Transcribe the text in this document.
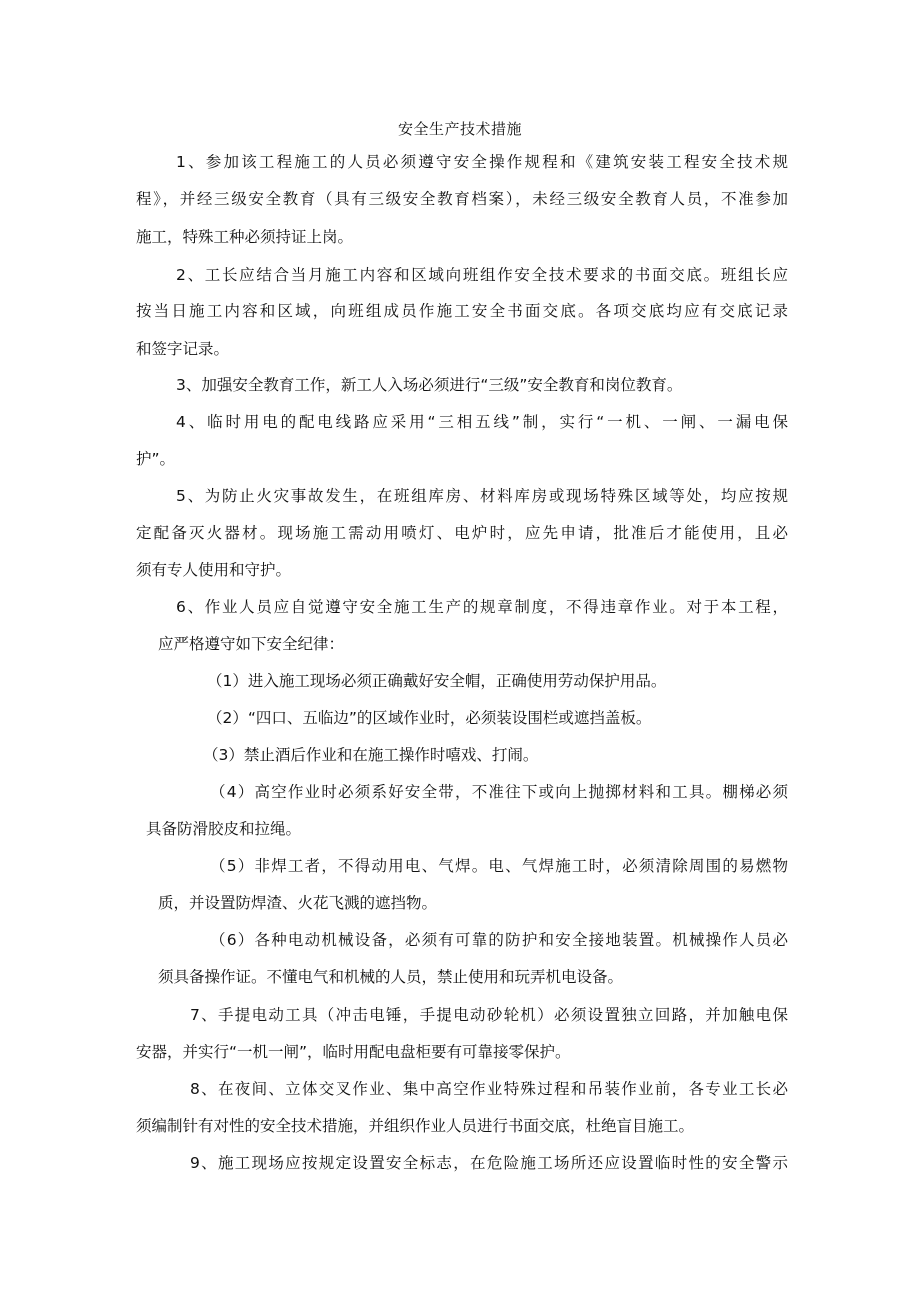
安全生产技术措施

1、参加该工程施工的人员必须遵守安全操作规程和《建筑安装工程安全技术规

程》，并经三级安全教育（具有三级安全教育档案），未经三级安全教育人员，不准参加

施工，特殊工种必须持证上岗。

2、工长应结合当月施工内容和区域向班组作安全技术要求的书面交底。班组长应

按当日施工内容和区域，向班组成员作施工安全书面交底。各项交底均应有交底记录

和签字记录。

3、加强安全教育工作，新工人入场必须进行“三级”安全教育和岗位教育。

4、临时用电的配电线路应采用“三相五线”制，实行“一机、一闸、一漏电保

护”。

5、为防止火灾事故发生，在班组库房、材料库房或现场特殊区域等处，均应按规

定配备灭火器材。现场施工需动用喷灯、电炉时，应先申请，批准后才能使用，且必

须有专人使用和守护。

6、作业人员应自觉遵守安全施工生产的规章制度，不得违章作业。对于本工程，

应严格遵守如下安全纪律：

（1）进入施工现场必须正确戴好安全帽，正确使用劳动保护用品。

（2）“四口、五临边”的区域作业时，必须装设围栏或遮挡盖板。

（3）禁止酒后作业和在施工操作时嘻戏、打闹。

（4）高空作业时必须系好安全带，不准往下或向上抛掷材料和工具。棚梯必须

具备防滑胶皮和拉绳。

（5）非焊工者，不得动用电、气焊。电、气焊施工时，必须清除周围的易燃物

质，并设置防焊渣、火花飞溅的遮挡物。

（6）各种电动机械设备，必须有可靠的防护和安全接地装置。机械操作人员必

须具备操作证。不懂电气和机械的人员，禁止使用和玩弄机电设备。

7、手提电动工具（冲击电锤，手提电动砂轮机）必须设置独立回路，并加触电保

安器，并实行“一机一闸”，临时用配电盘柜要有可靠接零保护。

8、在夜间、立体交叉作业、集中高空作业特殊过程和吊装作业前，各专业工长必

须编制针有对性的安全技术措施，并组织作业人员进行书面交底，杜绝盲目施工。

9、施工现场应按规定设置安全标志，在危险施工场所还应设置临时性的安全警示
